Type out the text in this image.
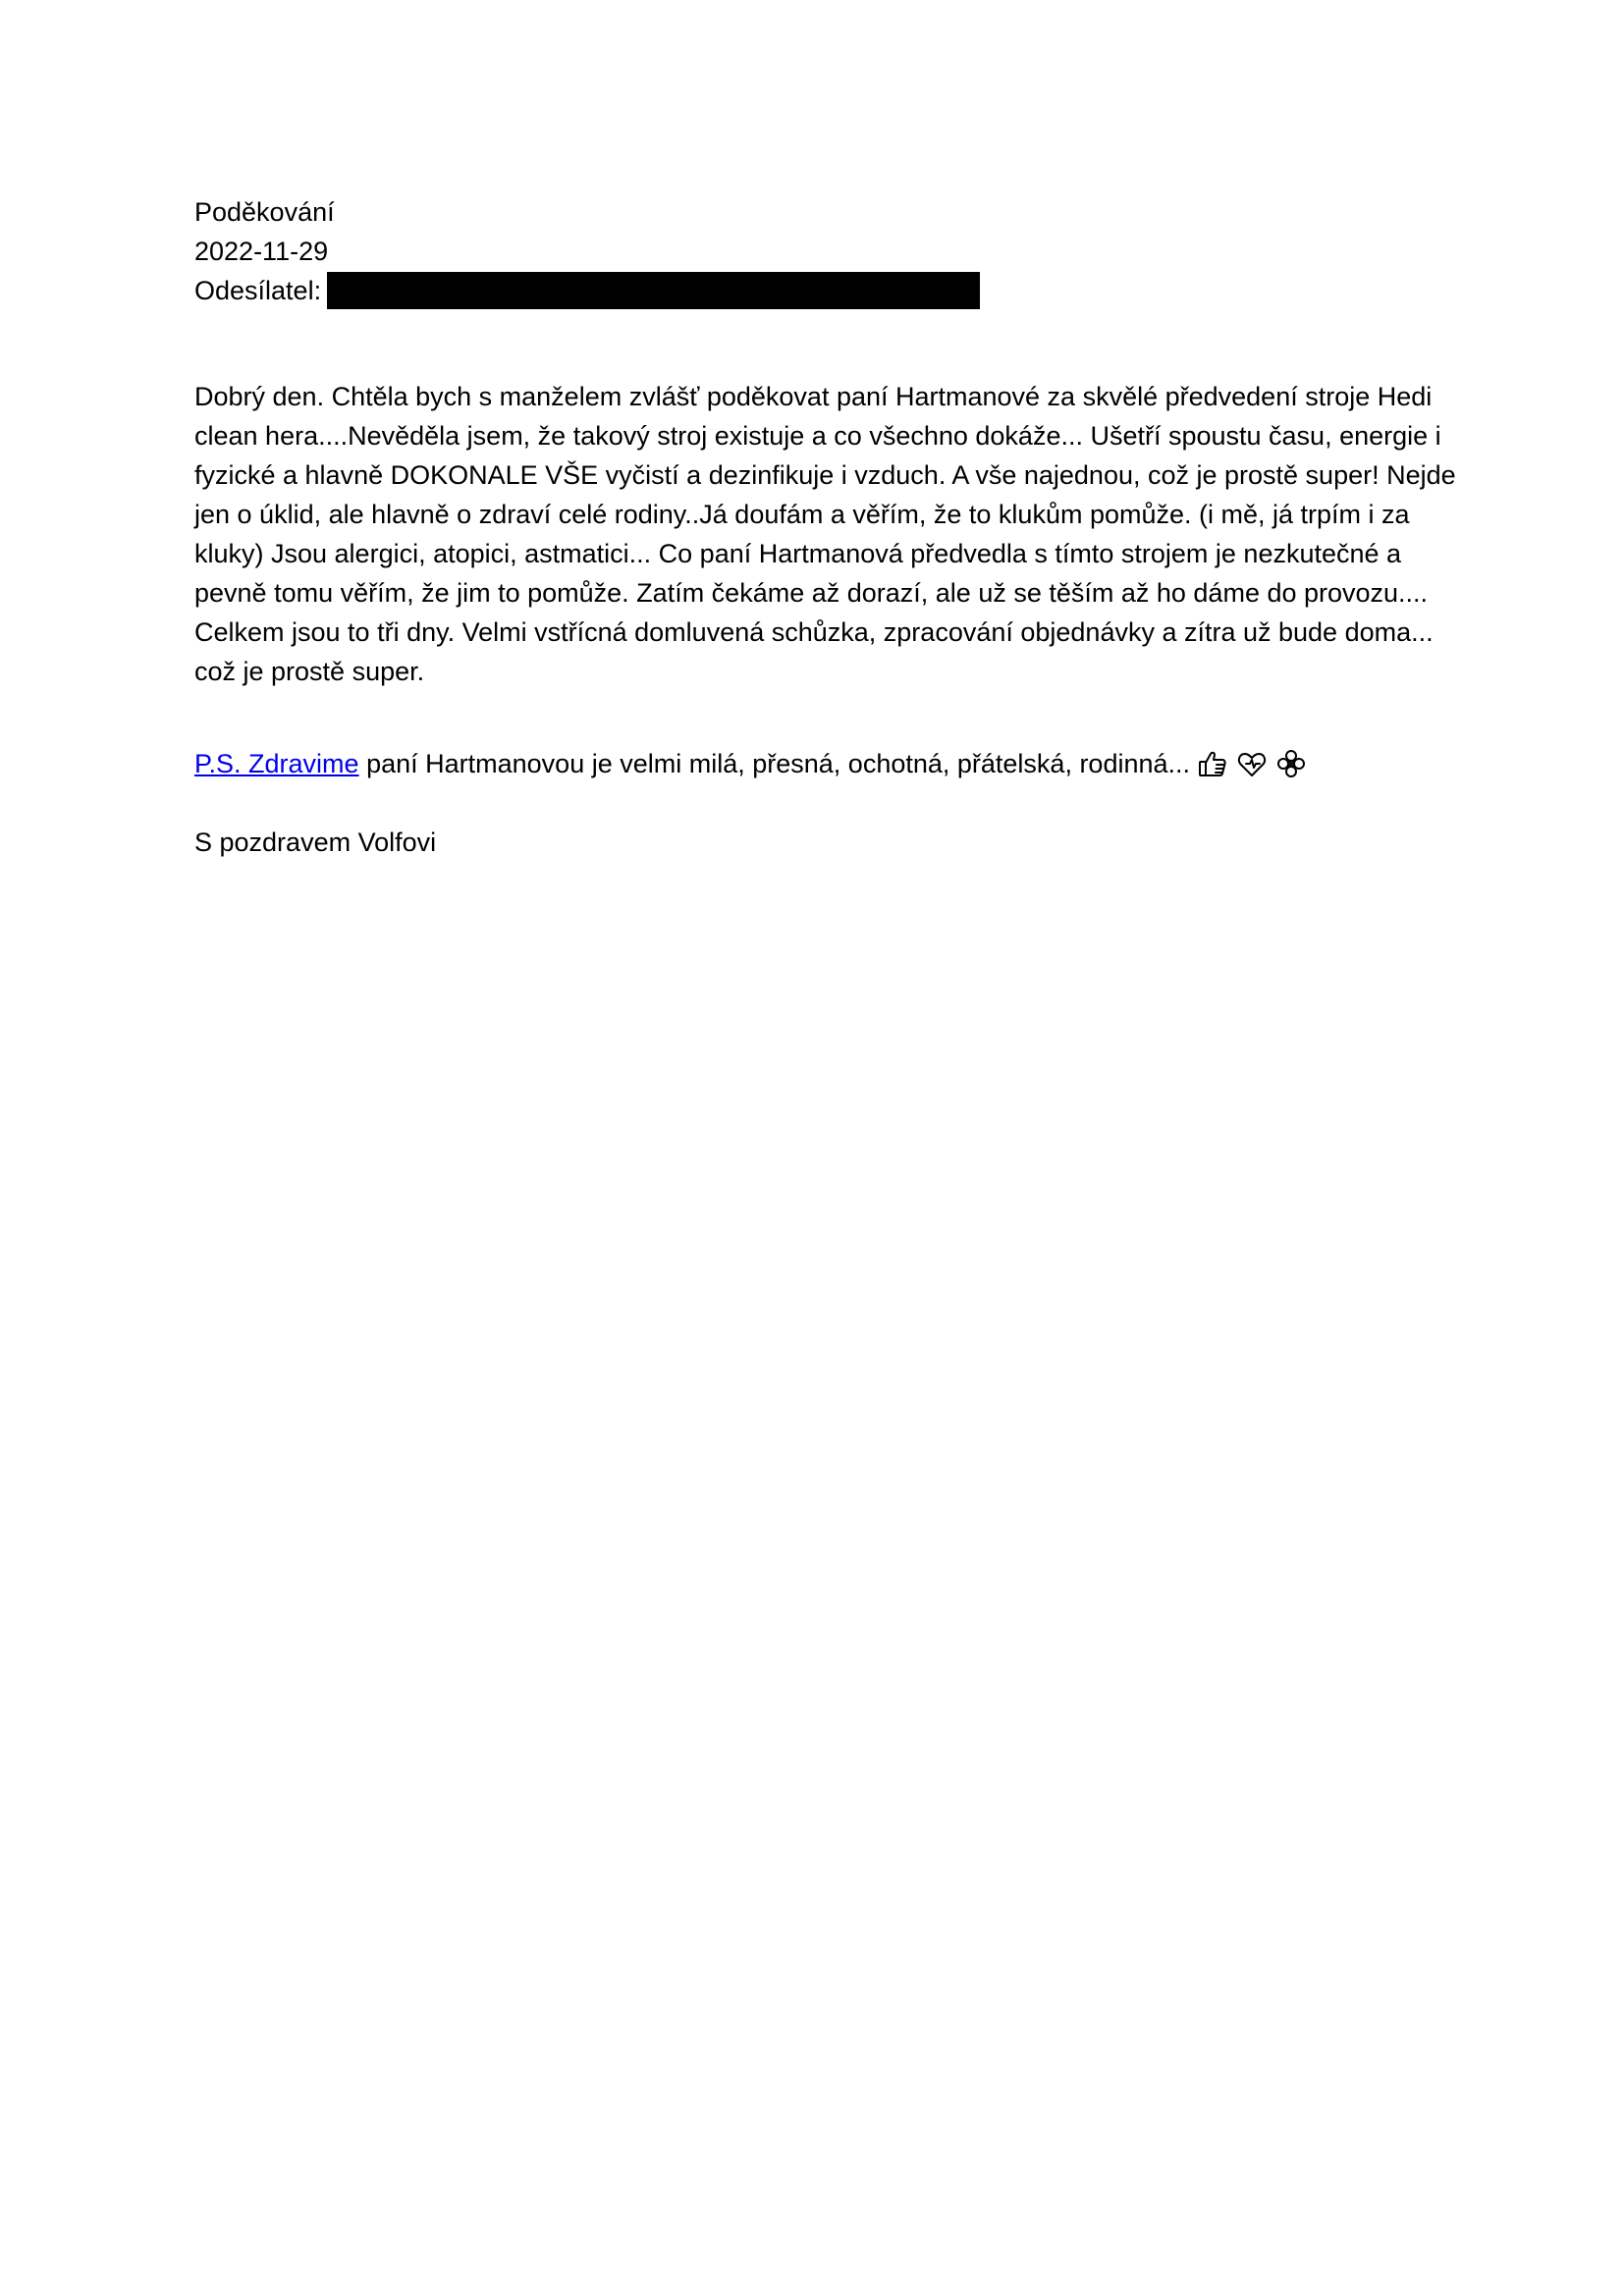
Poděkování
2022-11-29
Odesílatel:
Dobrý den. Chtěla bych s manželem zvlášť poděkovat paní Hartmanové za skvělé předvedení stroje Hedi clean hera....Nevěděla jsem, že takový stroj existuje a co všechno dokáže... Ušetří spoustu času, energie i fyzické a hlavně DOKONALE VŠE vyčistí a dezinfikuje i vzduch. A vše najednou, což je prostě super! Nejde jen o úklid, ale hlavně o zdraví celé rodiny..Já doufám a věřím, že to klukům pomůže. (i mě, já trpím i za kluky) Jsou alergici, atopici, astmatici... Co paní Hartmanová předvedla s tímto strojem je nezkutečné a pevně tomu věřím, že jim to pomůže. Zatím čekáme až dorazí, ale už se těším až ho dáme do provozu.... Celkem jsou to tři dny. Velmi vstřícná domluvená schůzka, zpracování objednávky a zítra už bude doma... což je prostě super.
P.S. Zdravime paní Hartmanovou je velmi milá, přesná, ochotná, přátelská, rodinná...
S pozdravem Volfovi
